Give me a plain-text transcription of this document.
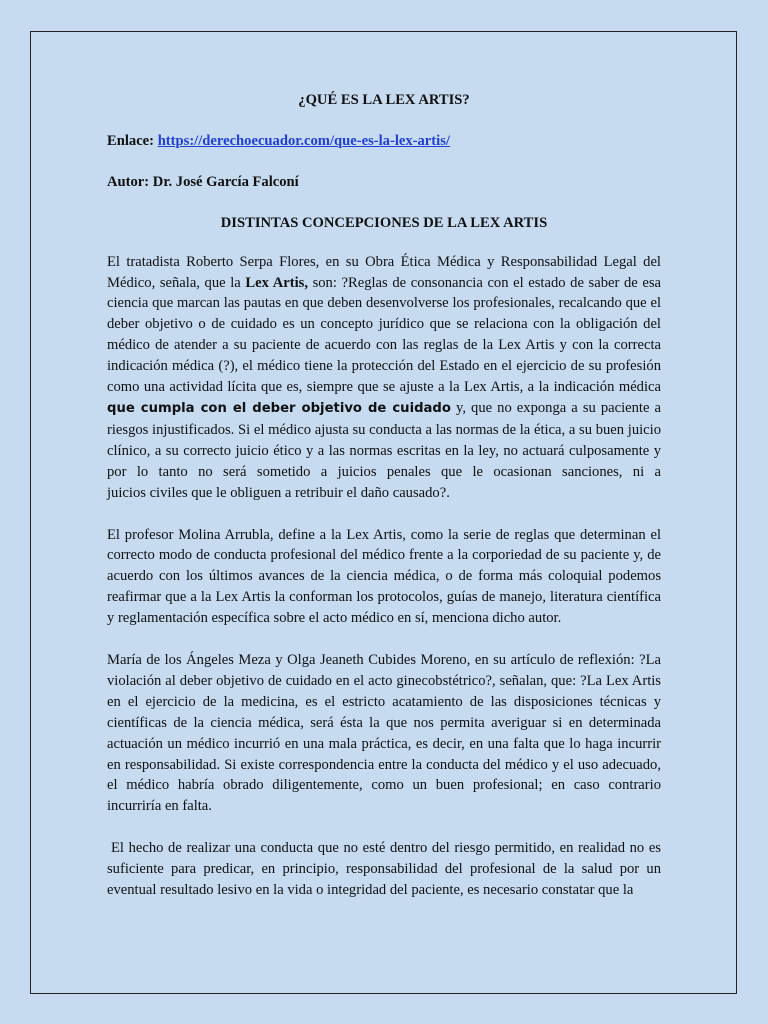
¿QUÉ ES LA LEX ARTIS?
Enlace: https://derechoecuador.com/que-es-la-lex-artis/
Autor: Dr. José García Falconí
DISTINTAS CONCEPCIONES DE LA LEX ARTIS

El tratadista Roberto Serpa Flores, en su Obra Ética Médica y Responsabilidad Legal del Médico, señala, que la Lex Artis, son: ?Reglas de consonancia con el estado de saber de esa ciencia que marcan las pautas en que deben desenvolverse los profesionales, recalcando que el deber objetivo o de cuidado es un concepto jurídico que se relaciona con la obligación del médico de atender a su paciente de acuerdo con las reglas de la Lex Artis y con la correcta indicación médica (?), el médico tiene la protección del Estado en el ejercicio de su profesión como una actividad lícita que es, siempre que se ajuste a la Lex Artis, a la indicación médica que cumpla con el deber objetivo de cuidado y, que no exponga a su paciente a riesgos injustificados. Si el médico ajusta su conducta a las normas de la ética, a su buen juicio clínico, a su correcto juicio ético y a las normas escritas en la ley, no actuará culposamente y por lo tanto no será sometido a juicios penales que le ocasionan sanciones, ni a

juicios civiles que le obliguen a retribuir el daño causado?.

El profesor Molina Arrubla, define a la Lex Artis, como la serie de reglas que determinan el correcto modo de conducta profesional del médico frente a la corporiedad de su paciente y, de acuerdo con los últimos avances de la ciencia médica, o de forma más coloquial podemos reafirmar que a la Lex Artis la conforman los protocolos, guías de manejo, literatura científica y reglamentación específica sobre el acto médico en sí, menciona dicho autor.

María de los Ángeles Meza y Olga Jeaneth Cubides Moreno, en su artículo de reflexión: ?La violación al deber objetivo de cuidado en el acto ginecobstétrico?, señalan, que: ?La Lex Artis en el ejercicio de la medicina, es el estricto acatamiento de las disposiciones técnicas y científicas de la ciencia médica, será ésta la que nos permita averiguar si en determinada actuación un médico incurrió en una mala práctica, es decir, en una falta que lo haga incurrir en responsabilidad. Si existe correspondencia entre la conducta del médico y el uso adecuado, el médico habría obrado diligentemente, como un buen profesional; en caso contrario incurriría en falta.

El hecho de realizar una conducta que no esté dentro del riesgo permitido, en realidad no es suficiente para predicar, en principio, responsabilidad del profesional de la salud por un eventual resultado lesivo en la vida o integridad del paciente, es necesario constatar que la
